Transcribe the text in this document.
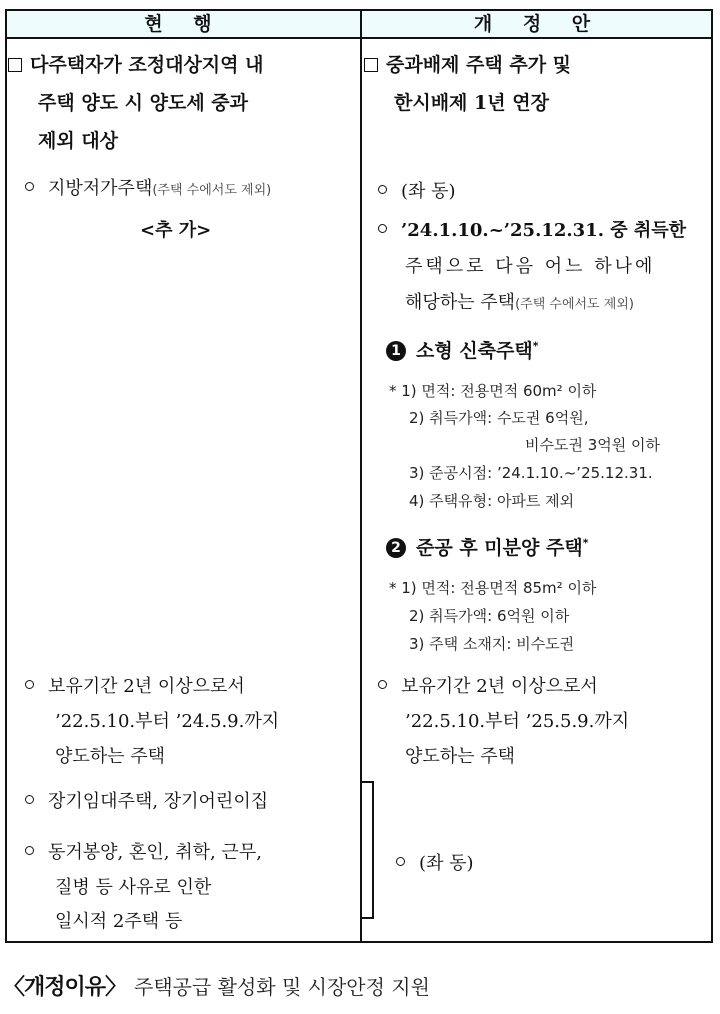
현 행	개 정 안
다주택자가 조정대상지역 내
주택 양도 시 양도세 중과
제외 대상
지방저가주택(주택 수에서도 제외)
<추 가>
보유기간 2년 이상으로서
’22.5.10.부터 ’24.5.9.까지
양도하는 주택
장기임대주택, 장기어린이집
동거봉양, 혼인, 취학, 근무,
질병 등 사유로 인한
일시적 2주택 등
중과배제 주택 추가 및
한시배제 1년 연장
(좌 동)
’24.1.10.~’25.12.31. 중 취득한
주택으로 다음 어느 하나에
해당하는 주택(주택 수에서도 제외)
1 소형 신축주택*
* 1) 면적: 전용면적 60m² 이하
2) 취득가액: 수도권 6억원,
비수도권 3억원 이하
3) 준공시점: ’24.1.10.~’25.12.31.
4) 주택유형: 아파트 제외
2 준공 후 미분양 주택*
* 1) 면적: 전용면적 85m² 이하
2) 취득가액: 6억원 이하
3) 주택 소재지: 비수도권
보유기간 2년 이상으로서
’22.5.10.부터 ’25.5.9.까지
양도하는 주택
(좌 동)
〈개정이유〉 주택공급 활성화 및 시장안정 지원
